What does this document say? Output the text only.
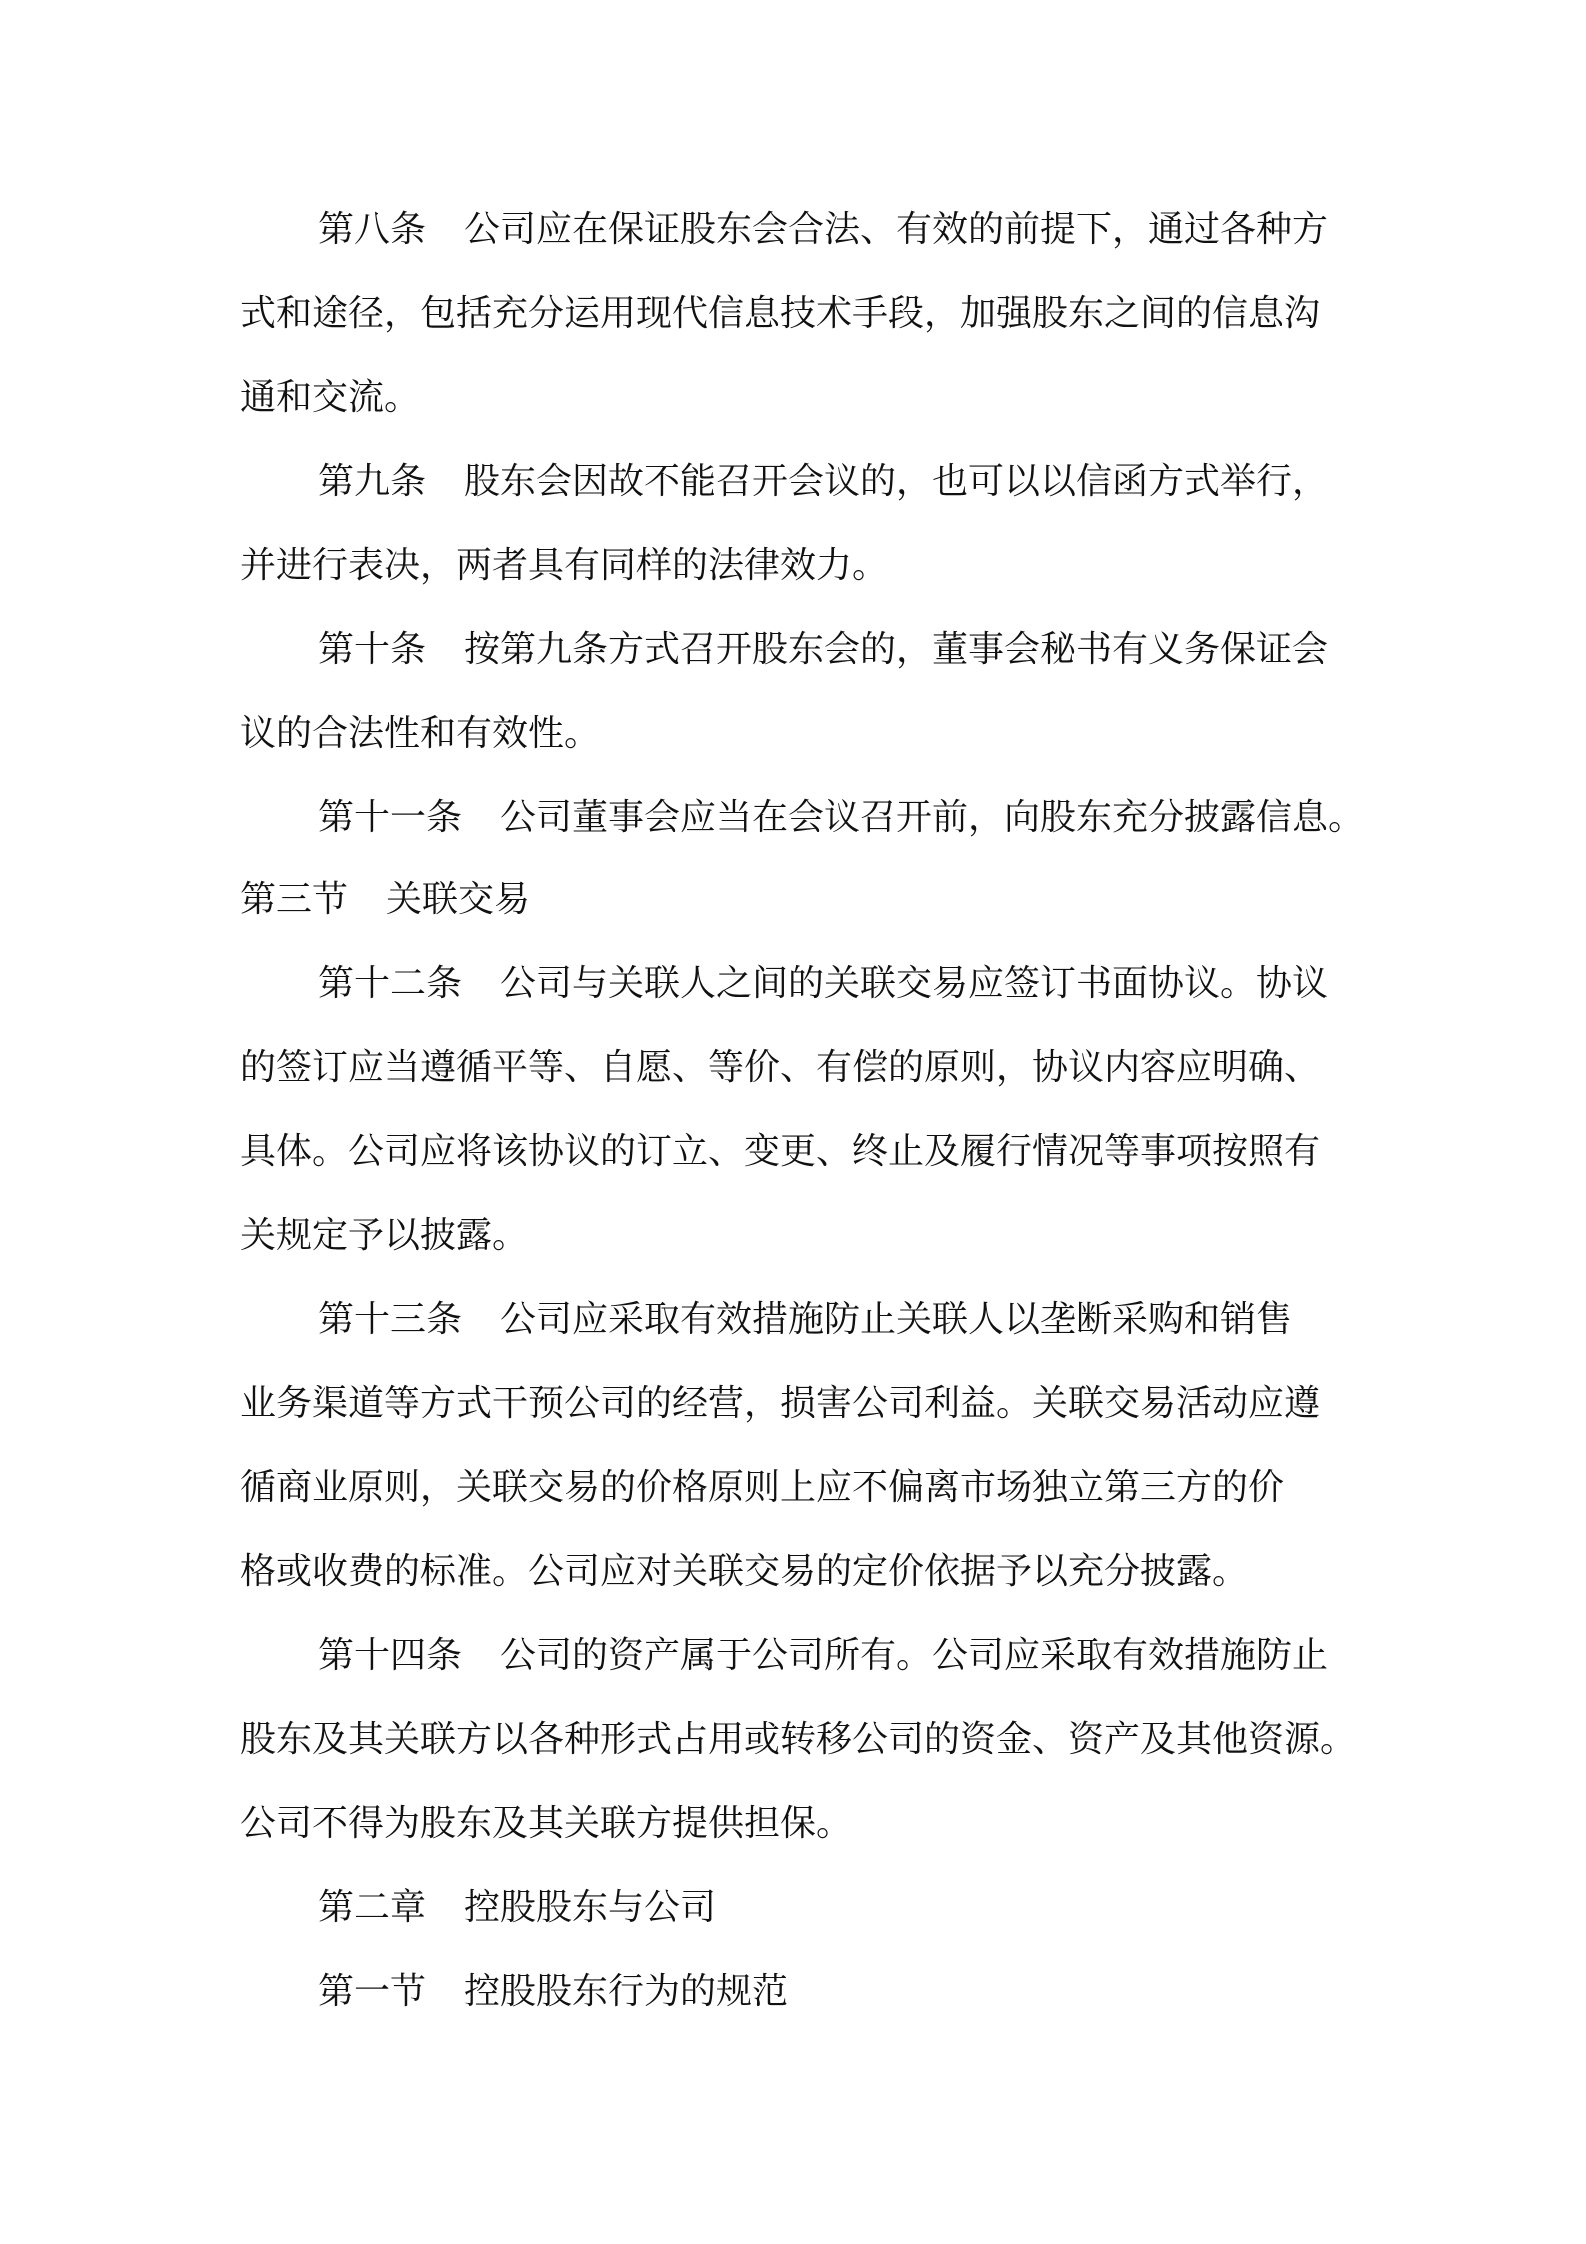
第八条 公司应在保证股东会合法、有效的前提下，通过各种方
式和途径，包括充分运用现代信息技术手段，加强股东之间的信息沟
通和交流。
第九条 股东会因故不能召开会议的，也可以以信函方式举行，
并进行表决，两者具有同样的法律效力。
第十条 按第九条方式召开股东会的，董事会秘书有义务保证会
议的合法性和有效性。
第十一条 公司董事会应当在会议召开前，向股东充分披露信息。
第三节 关联交易
第十二条 公司与关联人之间的关联交易应签订书面协议。协议
的签订应当遵循平等、自愿、等价、有偿的原则，协议内容应明确、
具体。公司应将该协议的订立、变更、终止及履行情况等事项按照有
关规定予以披露。
第十三条 公司应采取有效措施防止关联人以垄断采购和销售
业务渠道等方式干预公司的经营，损害公司利益。关联交易活动应遵
循商业原则，关联交易的价格原则上应不偏离市场独立第三方的价
格或收费的标准。公司应对关联交易的定价依据予以充分披露。
第十四条 公司的资产属于公司所有。公司应采取有效措施防止
股东及其关联方以各种形式占用或转移公司的资金、资产及其他资源。
公司不得为股东及其关联方提供担保。
第二章 控股股东与公司
第一节 控股股东行为的规范
